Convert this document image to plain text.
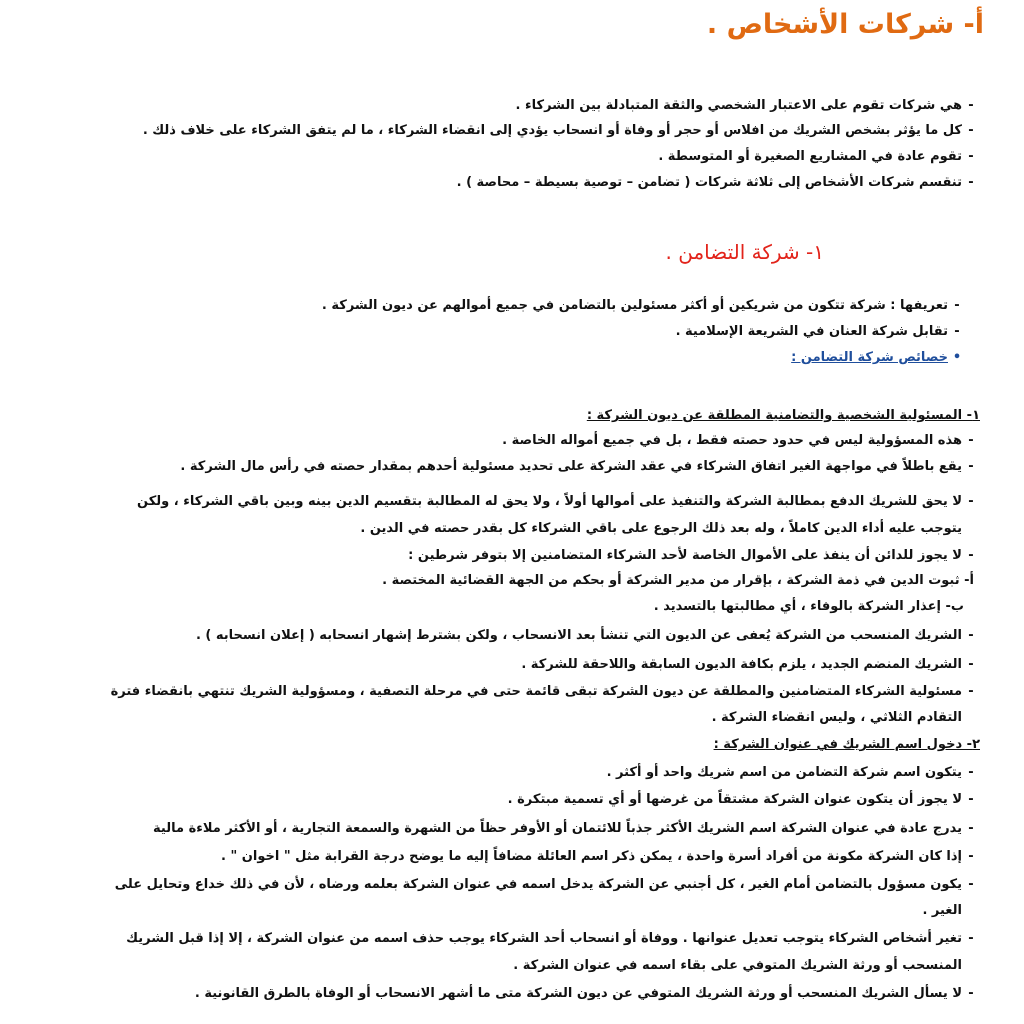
أ- شركات الأشخاص .
-هي شركات تقوم على الاعتبار الشخصي والثقة المتبادلة بين الشركاء .
-كل ما يؤثر بشخص الشريك من افلاس أو حجر أو وفاة أو انسحاب يؤدي إلى انقضاء الشركاء ، ما لم يتفق الشركاء على خلاف ذلك .
-تقوم عادة في المشاريع الصغيرة أو المتوسطة .
-تنقسم شركات الأشخاص إلى ثلاثة شركات ( تضامن – توصية بسيطة – محاصة ) .
١- شركة التضامن .
-تعريفها : شركة تتكون من شريكين أو أكثر مسئولين بالتضامن في جميع أموالهم عن ديون الشركة .
-تقابل شركة العنان في الشريعة الإسلامية .
•خصائص شركة التضامن :
١- المسئولية الشخصية والتضامنية المطلقة عن ديون الشركة :
-هذه المسؤولية ليس في حدود حصته فقط ، بل في جميع أمواله الخاصة .
-يقع باطلاً في مواجهة الغير اتفاق الشركاء في عقد الشركة على تحديد مسئولية أحدهم بمقدار حصته في رأس مال الشركة .
-لا يحق للشريك الدفع بمطالبة الشركة والتنفيذ على أموالها أولاً ، ولا يحق له المطالبة بتقسيم الدين بينه وبين باقي الشركاء ، ولكن
يتوجب عليه أداء الدين كاملاً ، وله بعد ذلك الرجوع على باقي الشركاء كل بقدر حصته في الدين .
-لا يجوز للدائن أن ينفذ على الأموال الخاصة لأحد الشركاء المتضامنين إلا بتوفر شرطين :
أ- ثبوت الدين في ذمة الشركة ، بإقرار من مدير الشركة أو بحكم من الجهة القضائية المختصة .
ب- إعذار الشركة بالوفاء ، أي مطالبتها بالتسديد .
-الشريك المنسحب من الشركة يُعفى عن الديون التي تنشأ بعد الانسحاب ، ولكن بشترط إشهار انسحابه ( إعلان انسحابه ) .
-الشريك المنضم الجديد ، يلزم بكافة الديون السابقة واللاحقة للشركة .
-مسئولية الشركاء المتضامنين والمطلقة عن ديون الشركة تبقى قائمة حتى في مرحلة التصفية ، ومسؤولية الشريك تنتهي بانقضاء فترة
التقادم الثلاثي ، وليس انقضاء الشركة .
٢- دخول اسم الشريك في عنوان الشركة :
-يتكون اسم شركة التضامن من اسم شريك واحد أو أكثر .
-لا يجوز أن يتكون عنوان الشركة مشتقاً من غرضها أو أي تسمية مبتكرة .
-يدرج عادة في عنوان الشركة اسم الشريك الأكثر جذباً للائتمان أو الأوفر حظاً من الشهرة والسمعة التجارية ، أو الأكثر ملاءة مالية
-إذا كان الشركة مكونة من أفراد أسرة واحدة ، يمكن ذكر اسم العائلة مضافاً إليه ما يوضح درجة القرابة مثل " اخوان " .
-يكون مسؤول بالتضامن أمام الغير ، كل أجنبي عن الشركة يدخل اسمه في عنوان الشركة بعلمه ورضاه ، لأن في ذلك خداع وتحايل على
الغير .
-تغير أشخاص الشركاء يتوجب تعديل عنوانها . ووفاة أو انسحاب أحد الشركاء يوجب حذف اسمه من عنوان الشركة ، إلا إذا قبل الشريك
المنسحب أو ورثة الشريك المتوفي على بقاء اسمه في عنوان الشركة .
-لا يسأل الشريك المنسحب أو ورثة الشريك المتوفي عن ديون الشركة متى ما أشهر الانسحاب أو الوفاة بالطرق القانونية .
